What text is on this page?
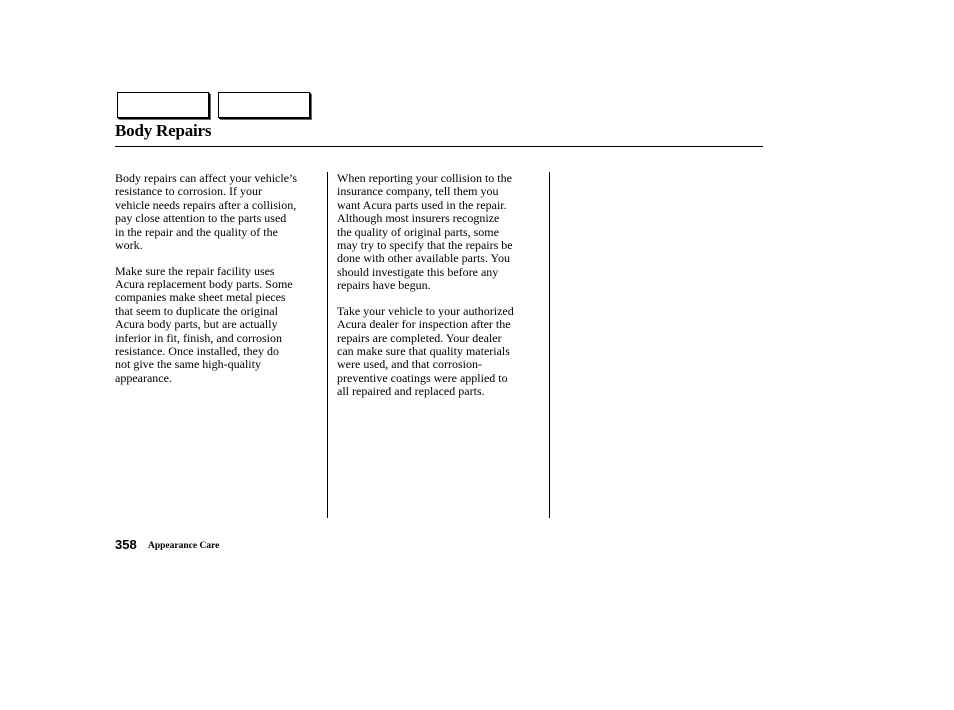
Body Repairs

Body repairs can affect your vehicle’s
resistance to corrosion. If your
vehicle needs repairs after a collision,
pay close attention to the parts used
in the repair and the quality of the
work.

Make sure the repair facility uses
Acura replacement body parts. Some
companies make sheet metal pieces
that seem to duplicate the original
Acura body parts, but are actually
inferior in fit, finish, and corrosion
resistance. Once installed, they do
not give the same high-quality
appearance.

When reporting your collision to the
insurance company, tell them you
want Acura parts used in the repair.
Although most insurers recognize
the quality of original parts, some
may try to specify that the repairs be
done with other available parts. You
should investigate this before any
repairs have begun.

Take your vehicle to your authorized
Acura dealer for inspection after the
repairs are completed. Your dealer
can make sure that quality materials
were used, and that corrosion-
preventive coatings were applied to
all repaired and replaced parts.

358 Appearance Care
